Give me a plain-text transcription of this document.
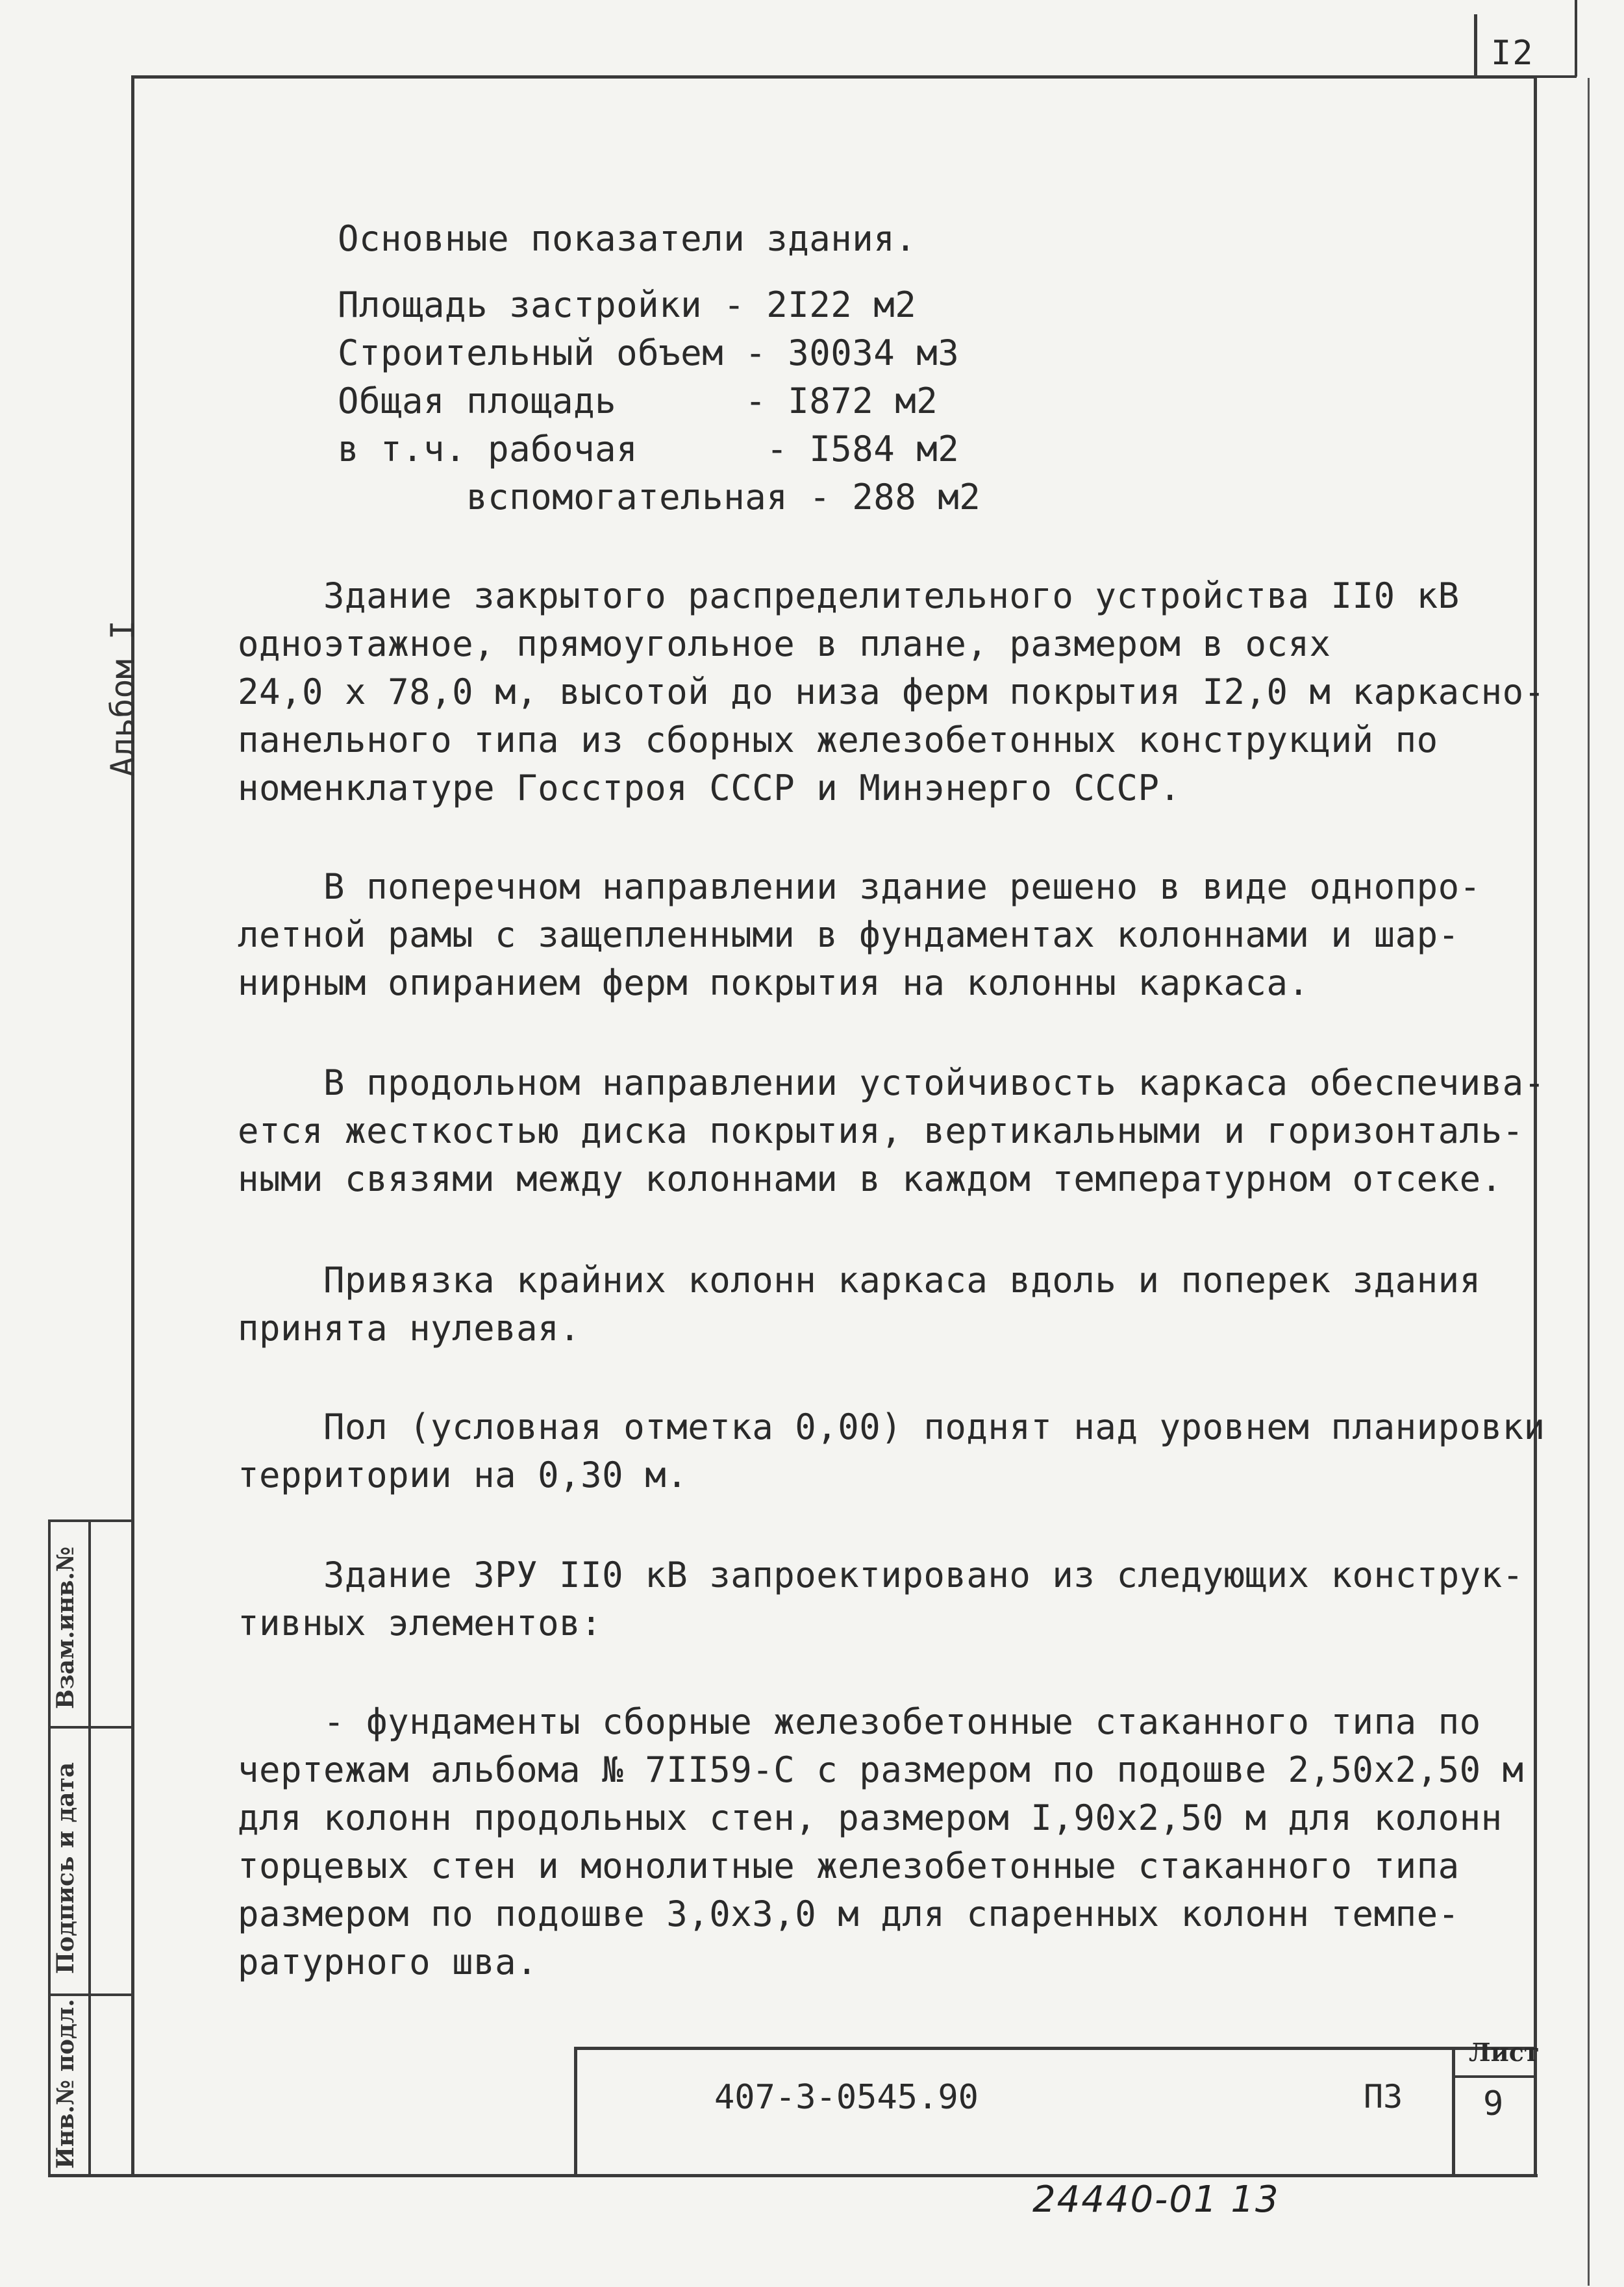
I2
Альбом I
Взам.инв.№
Подпись и дата
Инв.№ подл.
Основные показатели здания.
Площадь застройки - 2I22 м2
Строительный объем - 30034 м3
Общая площадь      - I872 м2
в т.ч. рабочая      - I584 м2
вспомогательная - 288 м2
Здание закрытого распределительного устройства II0 кВ
одноэтажное, прямоугольное в плане, размером в осях
24,0 x 78,0 м, высотой до низа ферм покрытия I2,0 м каркасно-
панельного типа из сборных железобетонных конструкций по
номенклатуре Госстроя СССР и Минэнерго СССР.
В поперечном направлении здание решено в виде однопро-
летной рамы с защепленными в фундаментах колоннами и шар-
нирным опиранием ферм покрытия на колонны каркаса.
В продольном направлении устойчивость каркаса обеспечива-
ется жесткостью диска покрытия, вертикальными и горизонталь-
ными связями между колоннами в каждом температурном отсеке.
Привязка крайних колонн каркаса вдоль и поперек здания
принята нулевая.
Пол (условная отметка 0,00) поднят над уровнем планировки
территории на 0,30 м.
Здание ЗРУ II0 кВ запроектировано из следующих конструк-
тивных элементов:
- фундаменты сборные железобетонные стаканного типа по
чертежам альбома № 7II59-С с размером по подошве 2,50x2,50 м
для колонн продольных стен, размером I,90x2,50 м для колонн
торцевых стен и монолитные железобетонные стаканного типа
размером по подошве 3,0x3,0 м для спаренных колонн темпе-
ратурного шва.
407-3-0545.90	ПЗ
Лист
9
24440-01 13
